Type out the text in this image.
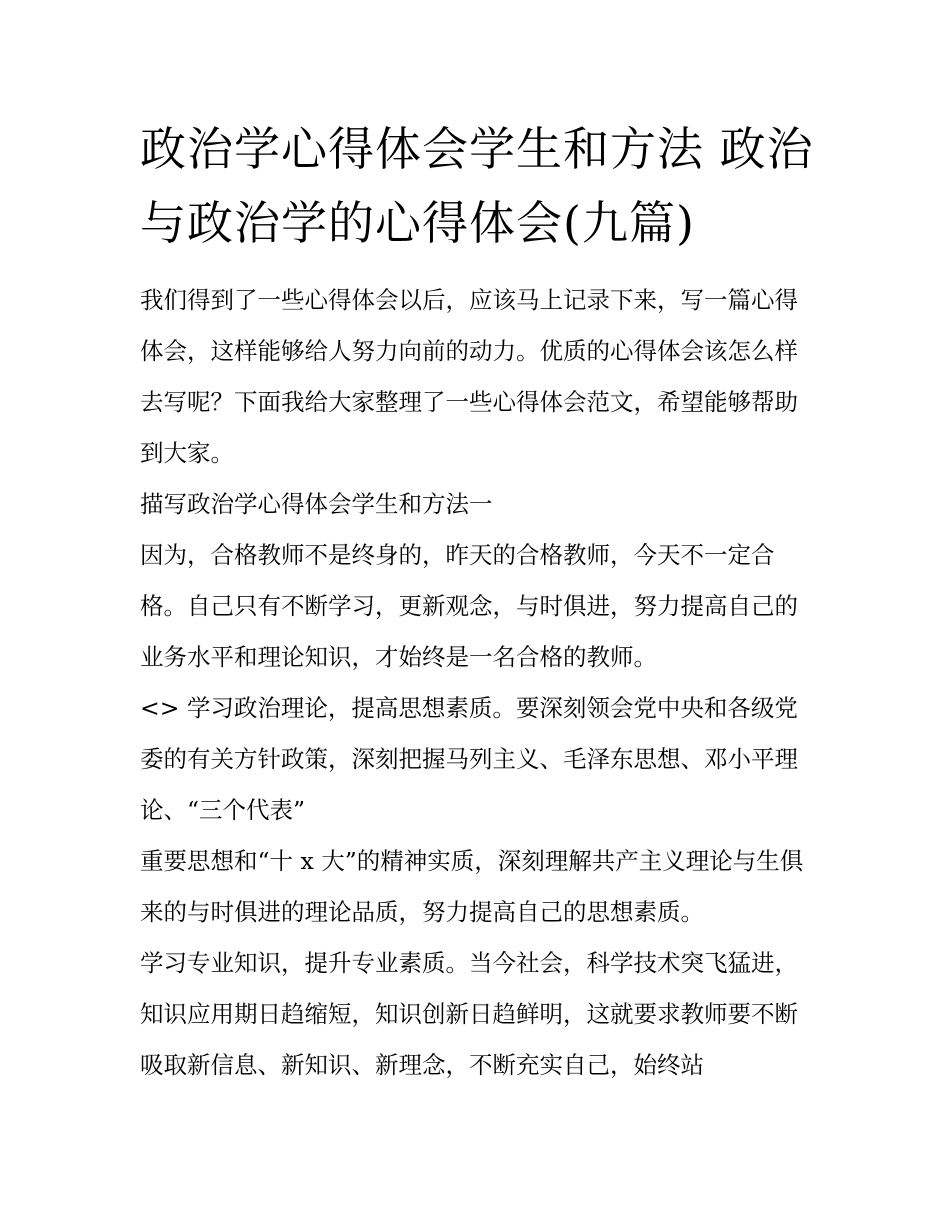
政治学心得体会学生和方法 政治与政治学的心得体会(九篇)

我们得到了一些心得体会以后，应该马上记录下来，写一篇心得体会，这样能够给人努力向前的动力。优质的心得体会该怎么样去写呢？下面我给大家整理了一些心得体会范文，希望能够帮助到大家。

描写政治学心得体会学生和方法一

因为，合格教师不是终身的，昨天的合格教师，今天不一定合格。自己只有不断学习，更新观念，与时俱进，努力提高自己的业务水平和理论知识，才始终是一名合格的教师。

<> 学习政治理论，提高思想素质。要深刻领会党中央和各级党委的有关方针政策，深刻把握马列主义、毛泽东思想、邓小平理论、“三个代表”

重要思想和“十 x 大”的精神实质，深刻理解共产主义理论与生俱来的与时俱进的理论品质，努力提高自己的思想素质。

学习专业知识，提升专业素质。当今社会，科学技术突飞猛进，知识应用期日趋缩短，知识创新日趋鲜明，这就要求教师要不断吸取新信息、新知识、新理念，不断充实自己，始终站
